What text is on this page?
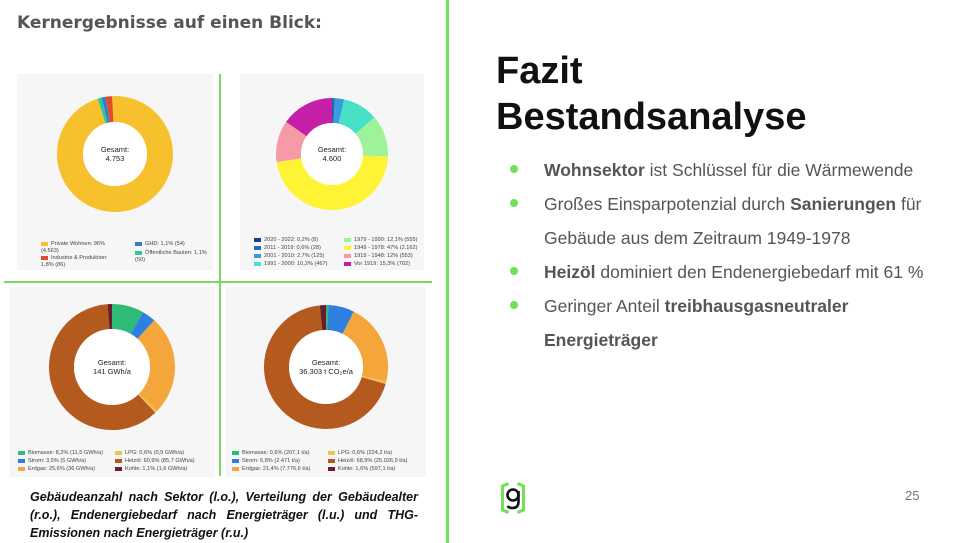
Kernergebnisse auf einen Blick:
Gesamt:
4.753
Private Wohnen: 96% (4.563)
Industrie & Produktion: 1,8% (86)
GHD: 1,1% (54)
Öffentliche Bauten: 1,1% (50)
Gesamt:
4.600
2020 - 2022: 0,2% (8)
2011 - 2019: 0,6% (28)
2001 - 2010: 2,7% (125)
1991 - 2000: 10,2% (467)
1979 - 1990: 12,1% (555)
1949 - 1978: 47% (2.162)
1919 - 1948: 12% (553)
Vor 1919: 15,3% (702)
Gesamt:
141 GWh/a
Biomasse: 8,2% (11,5 GWh/a)
Strom: 3,5% (5 GWh/a)
Erdgas: 25,6% (36 GWh/a)
LPG: 0,6% (0,9 GWh/a)
Heizöl: 60,9% (85,7 GWh/a)
Kohle: 1,1% (1,6 GWh/a)
Gesamt:
36.303 t CO₂e/a
Biomasse: 0,6% (207,1 t/a)
Strom: 6,8% (2.471 t/a)
Erdgas: 21,4% (7.776,6 t/a)
LPG: 0,6% (224,2 t/a)
Heizöl: 68,9% (25.026,9 t/a)
Kohle: 1,6% (597,1 t/a)
Gebäudeanzahl nach Sektor (l.o.), Verteilung der Gebäudealter (r.o.), Endenergiebedarf nach Energieträger (l.u.) und THG-Emissionen nach Energieträger (r.u.)
Fazit
Bestandsanalyse
Wohnsektor ist Schlüssel für die Wärmewende
Großes Einsparpotenzial durch Sanierungen für Gebäude aus dem Zeitraum 1949-1978
Heizöl dominiert den Endenergiebedarf mit 61 %
Geringer Anteil treibhausgasneutraler Energieträger
25
